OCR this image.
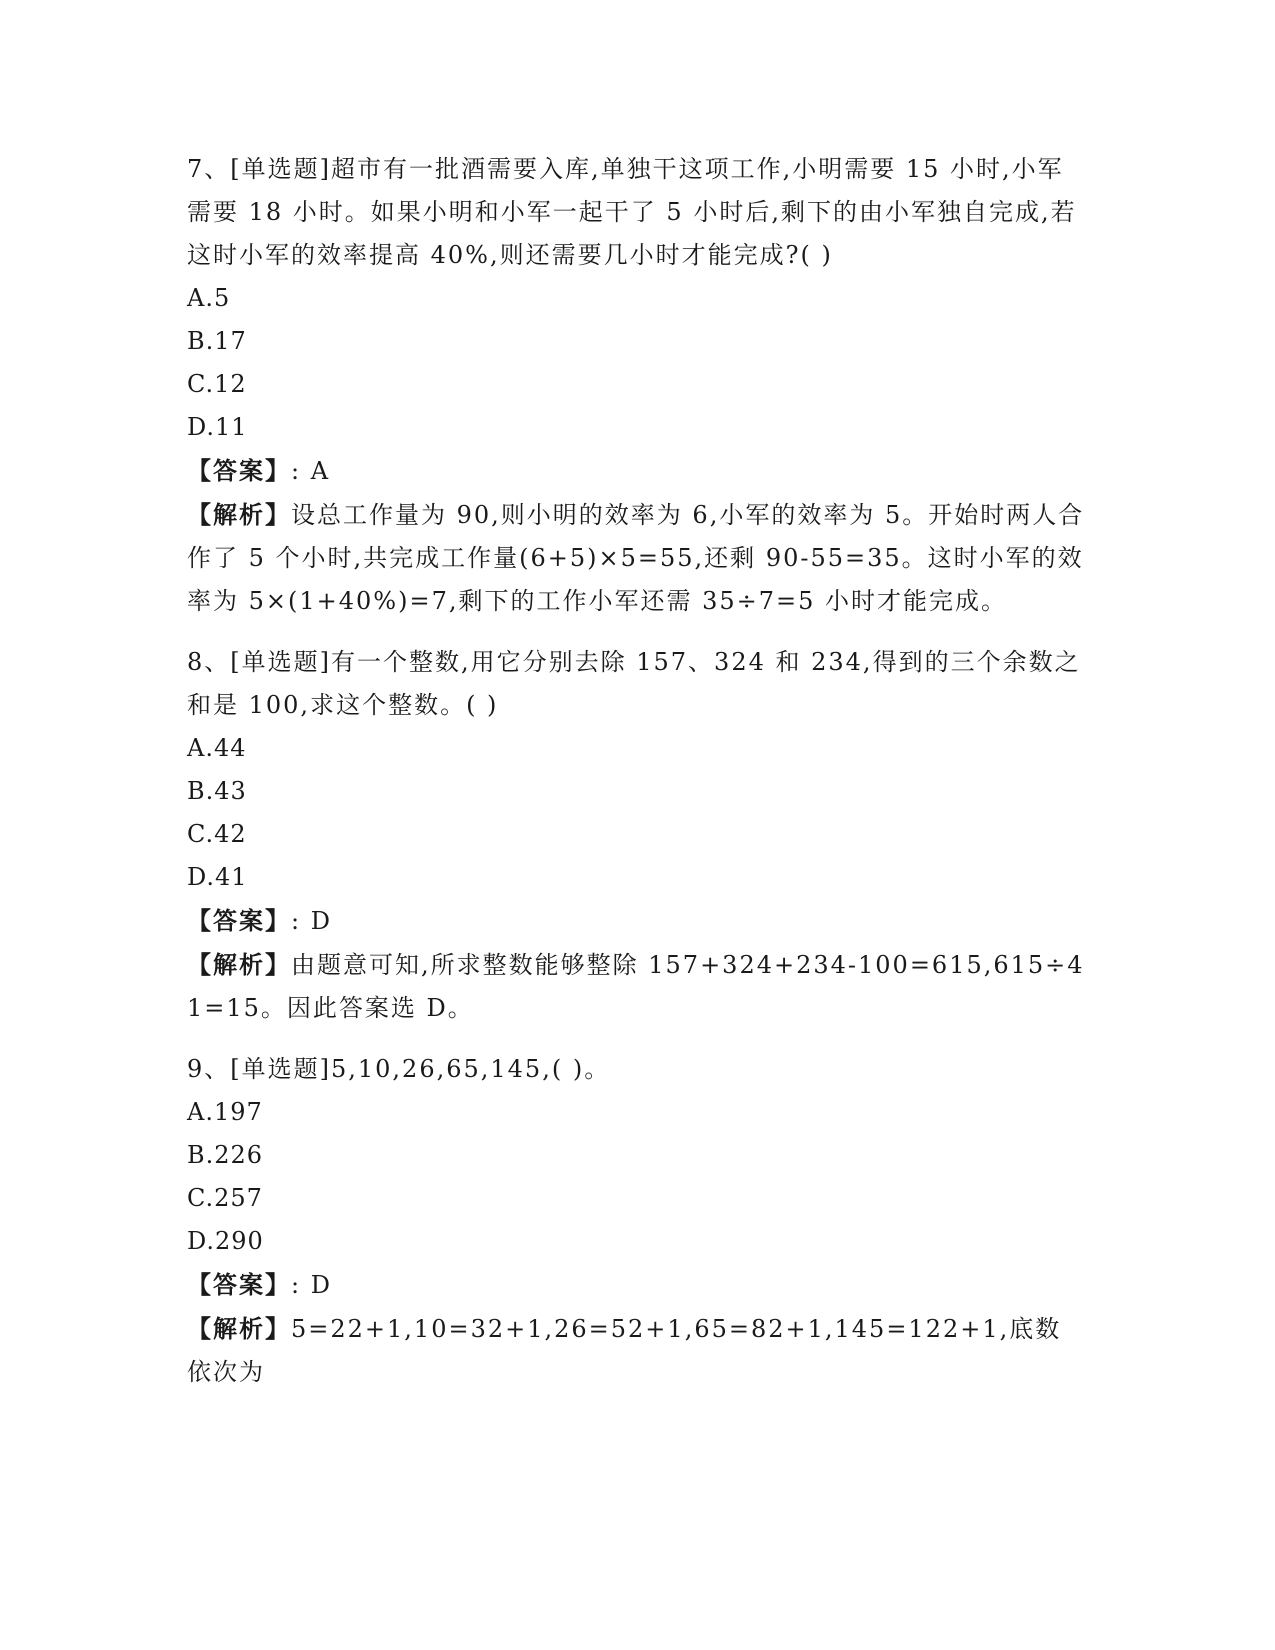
7、[单选题]超市有一批酒需要入库,单独干这项工作,小明需要 15 小时,小军需要 18 小时。如果小明和小军一起干了 5 小时后,剩下的由小军独自完成,若这时小军的效率提高 40%,则还需要几小时才能完成?( )

A.5

B.17

C.12

D.11

【答案】: A

【解析】设总工作量为 90,则小明的效率为 6,小军的效率为 5。开始时两人合作了 5 个小时,共完成工作量(6+5)×5=55,还剩 90-55=35。这时小军的效率为 5×(1+40%)=7,剩下的工作小军还需 35÷7=5 小时才能完成。

8、[单选题]有一个整数,用它分别去除 157、324 和 234,得到的三个余数之和是 100,求这个整数。( )

A.44

B.43

C.42

D.41

【答案】: D

【解析】由题意可知,所求整数能够整除 157+324+234-100=615,615÷41=15。因此答案选 D。

9、[单选题]5,10,26,65,145,( )。

A.197

B.226

C.257

D.290

【答案】: D

【解析】5=22+1,10=32+1,26=52+1,65=82+1,145=122+1,底数依次为
